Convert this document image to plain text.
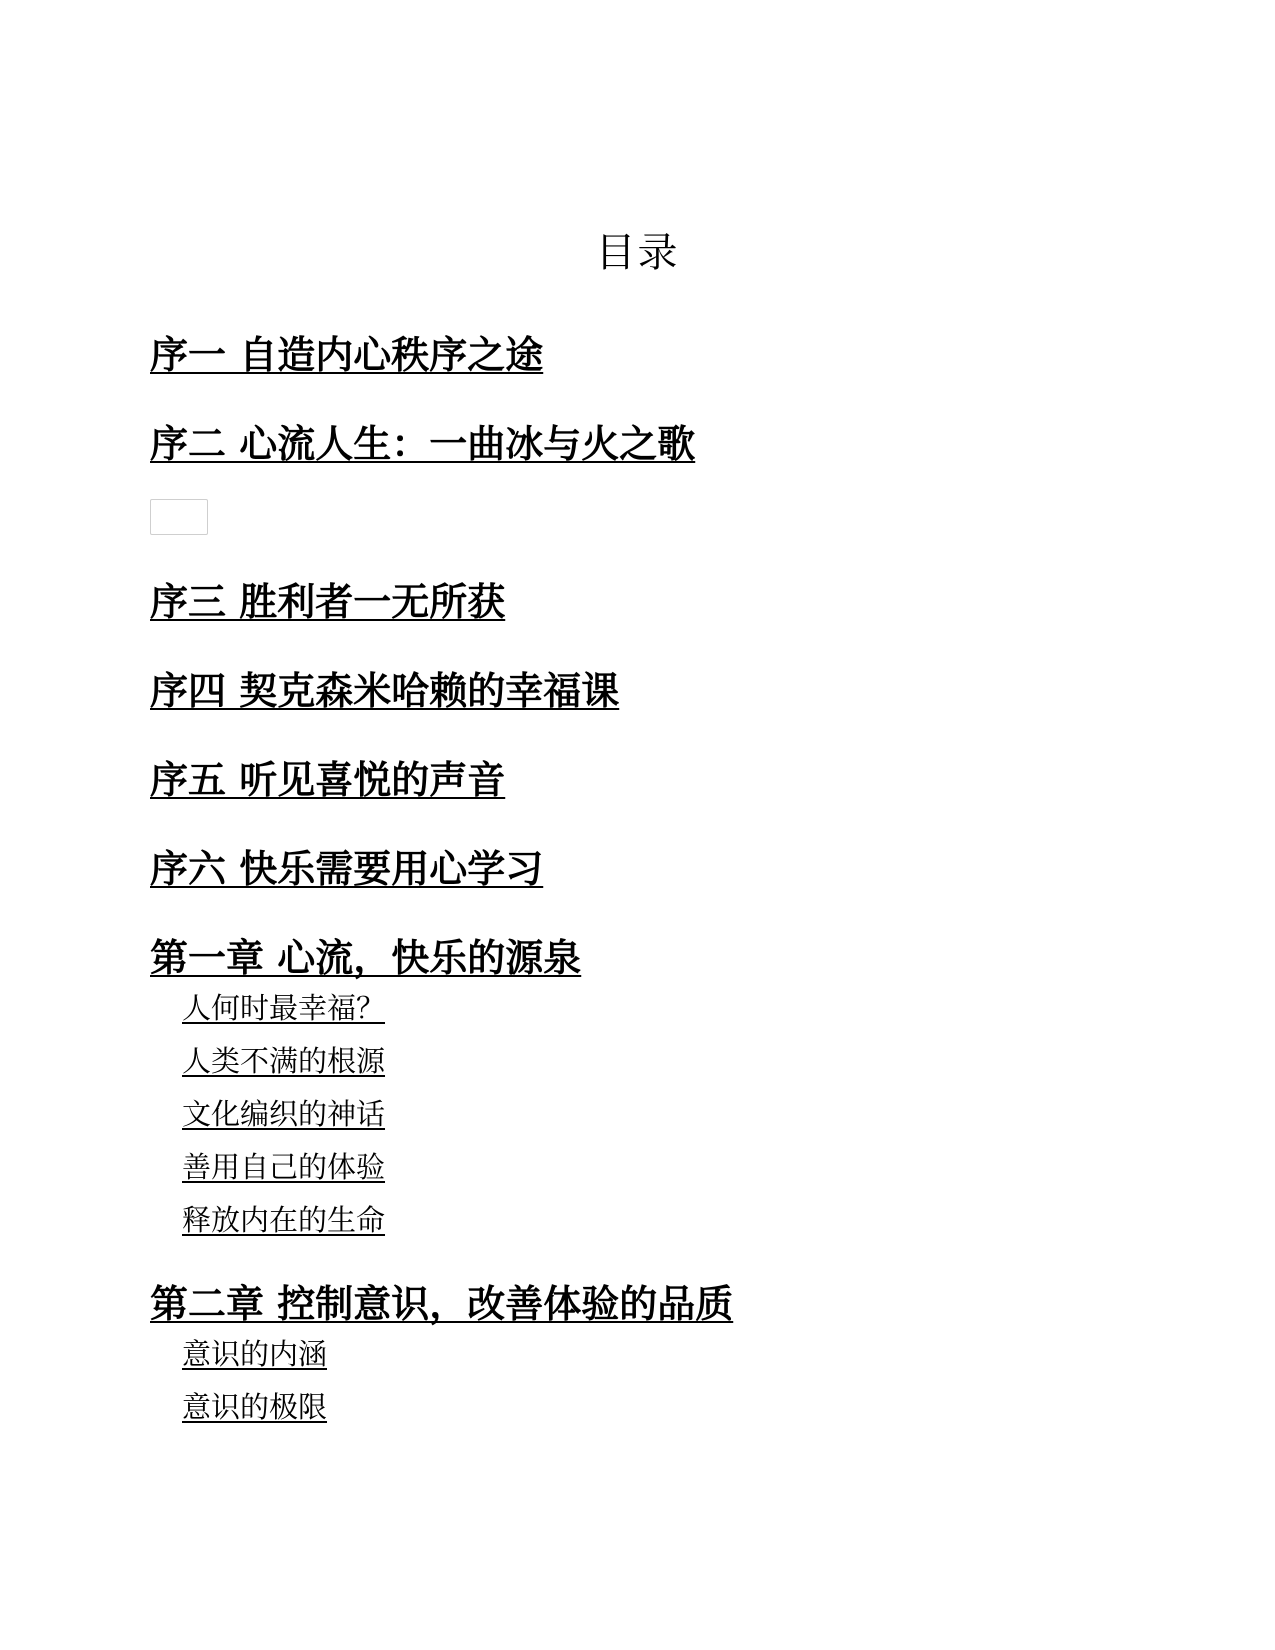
目录
序一 自造内心秩序之途
序二 心流人生：一曲冰与火之歌
序三 胜利者一无所获
序四 契克森米哈赖的幸福课
序五 听见喜悦的声音
序六 快乐需要用心学习
第一章 心流，快乐的源泉
人何时最幸福？
人类不满的根源
文化编织的神话
善用自己的体验
释放内在的生命
第二章 控制意识，改善体验的品质
意识的内涵
意识的极限
